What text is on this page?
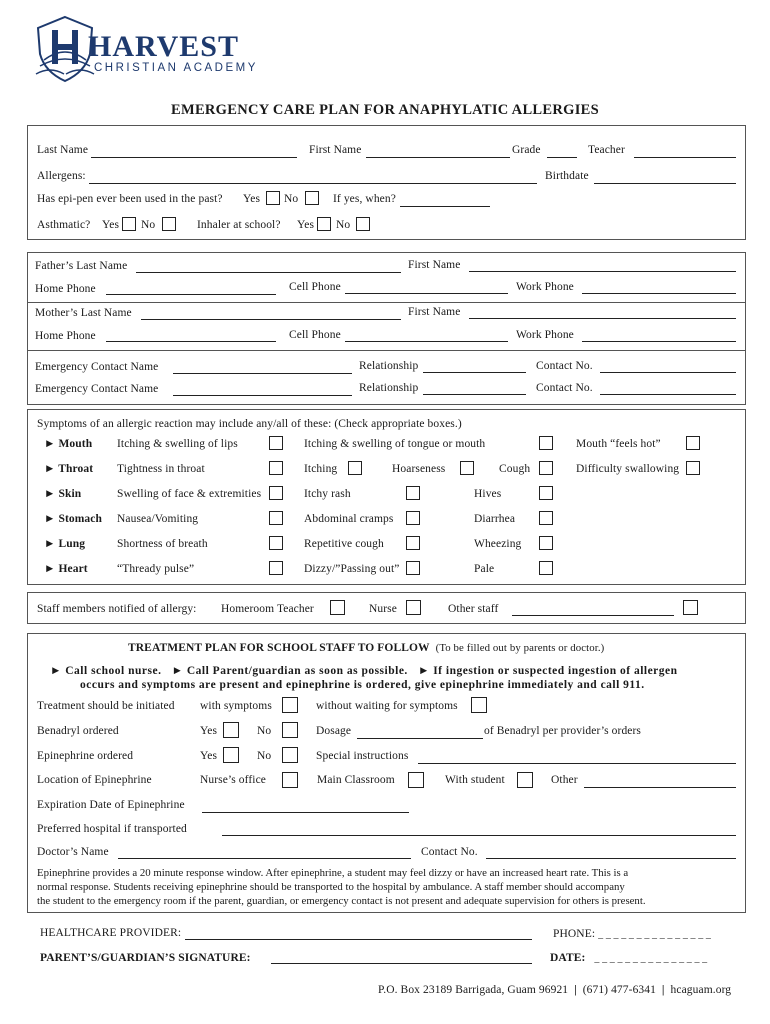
HARVEST
CHRISTIAN ACADEMY
EMERGENCY CARE PLAN FOR ANAPHYLATIC ALLERGIES
Last Name	First Name	Grade	Teacher
Allergens:	Birthdate
Has epi-pen ever been used in the past? Yes No	If yes, when?
Asthmatic? Yes No	Inhaler at school? Yes No
Father’s Last Name	First Name
Home Phone	Cell Phone	Work Phone
Mother’s Last Name	First Name
Home Phone	Cell Phone	Work Phone
Emergency Contact Name	Relationship	Contact No.
Emergency Contact Name	Relationship	Contact No.
Symptoms of an allergic reaction may include any/all of these: (Check appropriate boxes.)
► Mouth Itching & swelling of lips	Itching & swelling of tongue or mouth	Mouth “feels hot”
► Throat Tightness in throat	Itching	Hoarseness	Cough	Difficulty swallowing
► Skin	Swelling of face & extremities	Itchy rash	Hives
► Stomach Nausea/Vomiting	Abdominal cramps	Diarrhea
► Lung	Shortness of breath	Repetitive cough	Wheezing
► Heart	“Thready pulse”	Dizzy/”Passing out”	Pale
Staff members notified of allergy: Homeroom Teacher	Nurse	Other staff
TREATMENT PLAN FOR SCHOOL STAFF TO FOLLOW (To be filled out by parents or doctor.)
► Call school nurse. ► Call Parent/guardian as soon as possible. ► If ingestion or suspected ingestion of allergen
occurs and symptoms are present and epinephrine is ordered, give epinephrine immediately and call 911.
Treatment should be initiated with symptoms	without waiting for symptoms
Benadryl ordered	Yes	No	Dosage	of Benadryl per provider’s orders
Epinephrine ordered	Yes	No	Special instructions
Location of Epinephrine	Nurse’s office	Main Classroom	With student	Other
Expiration Date of Epinephrine
Preferred hospital if transported
Doctor’s Name	Contact No.
Epinephrine provides a 20 minute response window. After epinephrine, a student may feel dizzy or have an increased heart rate. This is a
normal response. Students receiving epinephrine should be transported to the hospital by ambulance. A staff member should accompany
the student to the emergency room if the parent, guardian, or emergency contact is not present and adequate supervision for others is present.
HEALTHCARE PROVIDER:	PHONE: _ _ _ _ _ _ _ _ _ _ _ _ _ _ _
PARENT’S/GUARDIAN’S SIGNATURE:	DATE: _ _ _ _ _ _ _ _ _ _ _ _ _ _ _
P.O. Box 23189 Barrigada, Guam 96921  |  (671) 477-6341  |  hcaguam.org
